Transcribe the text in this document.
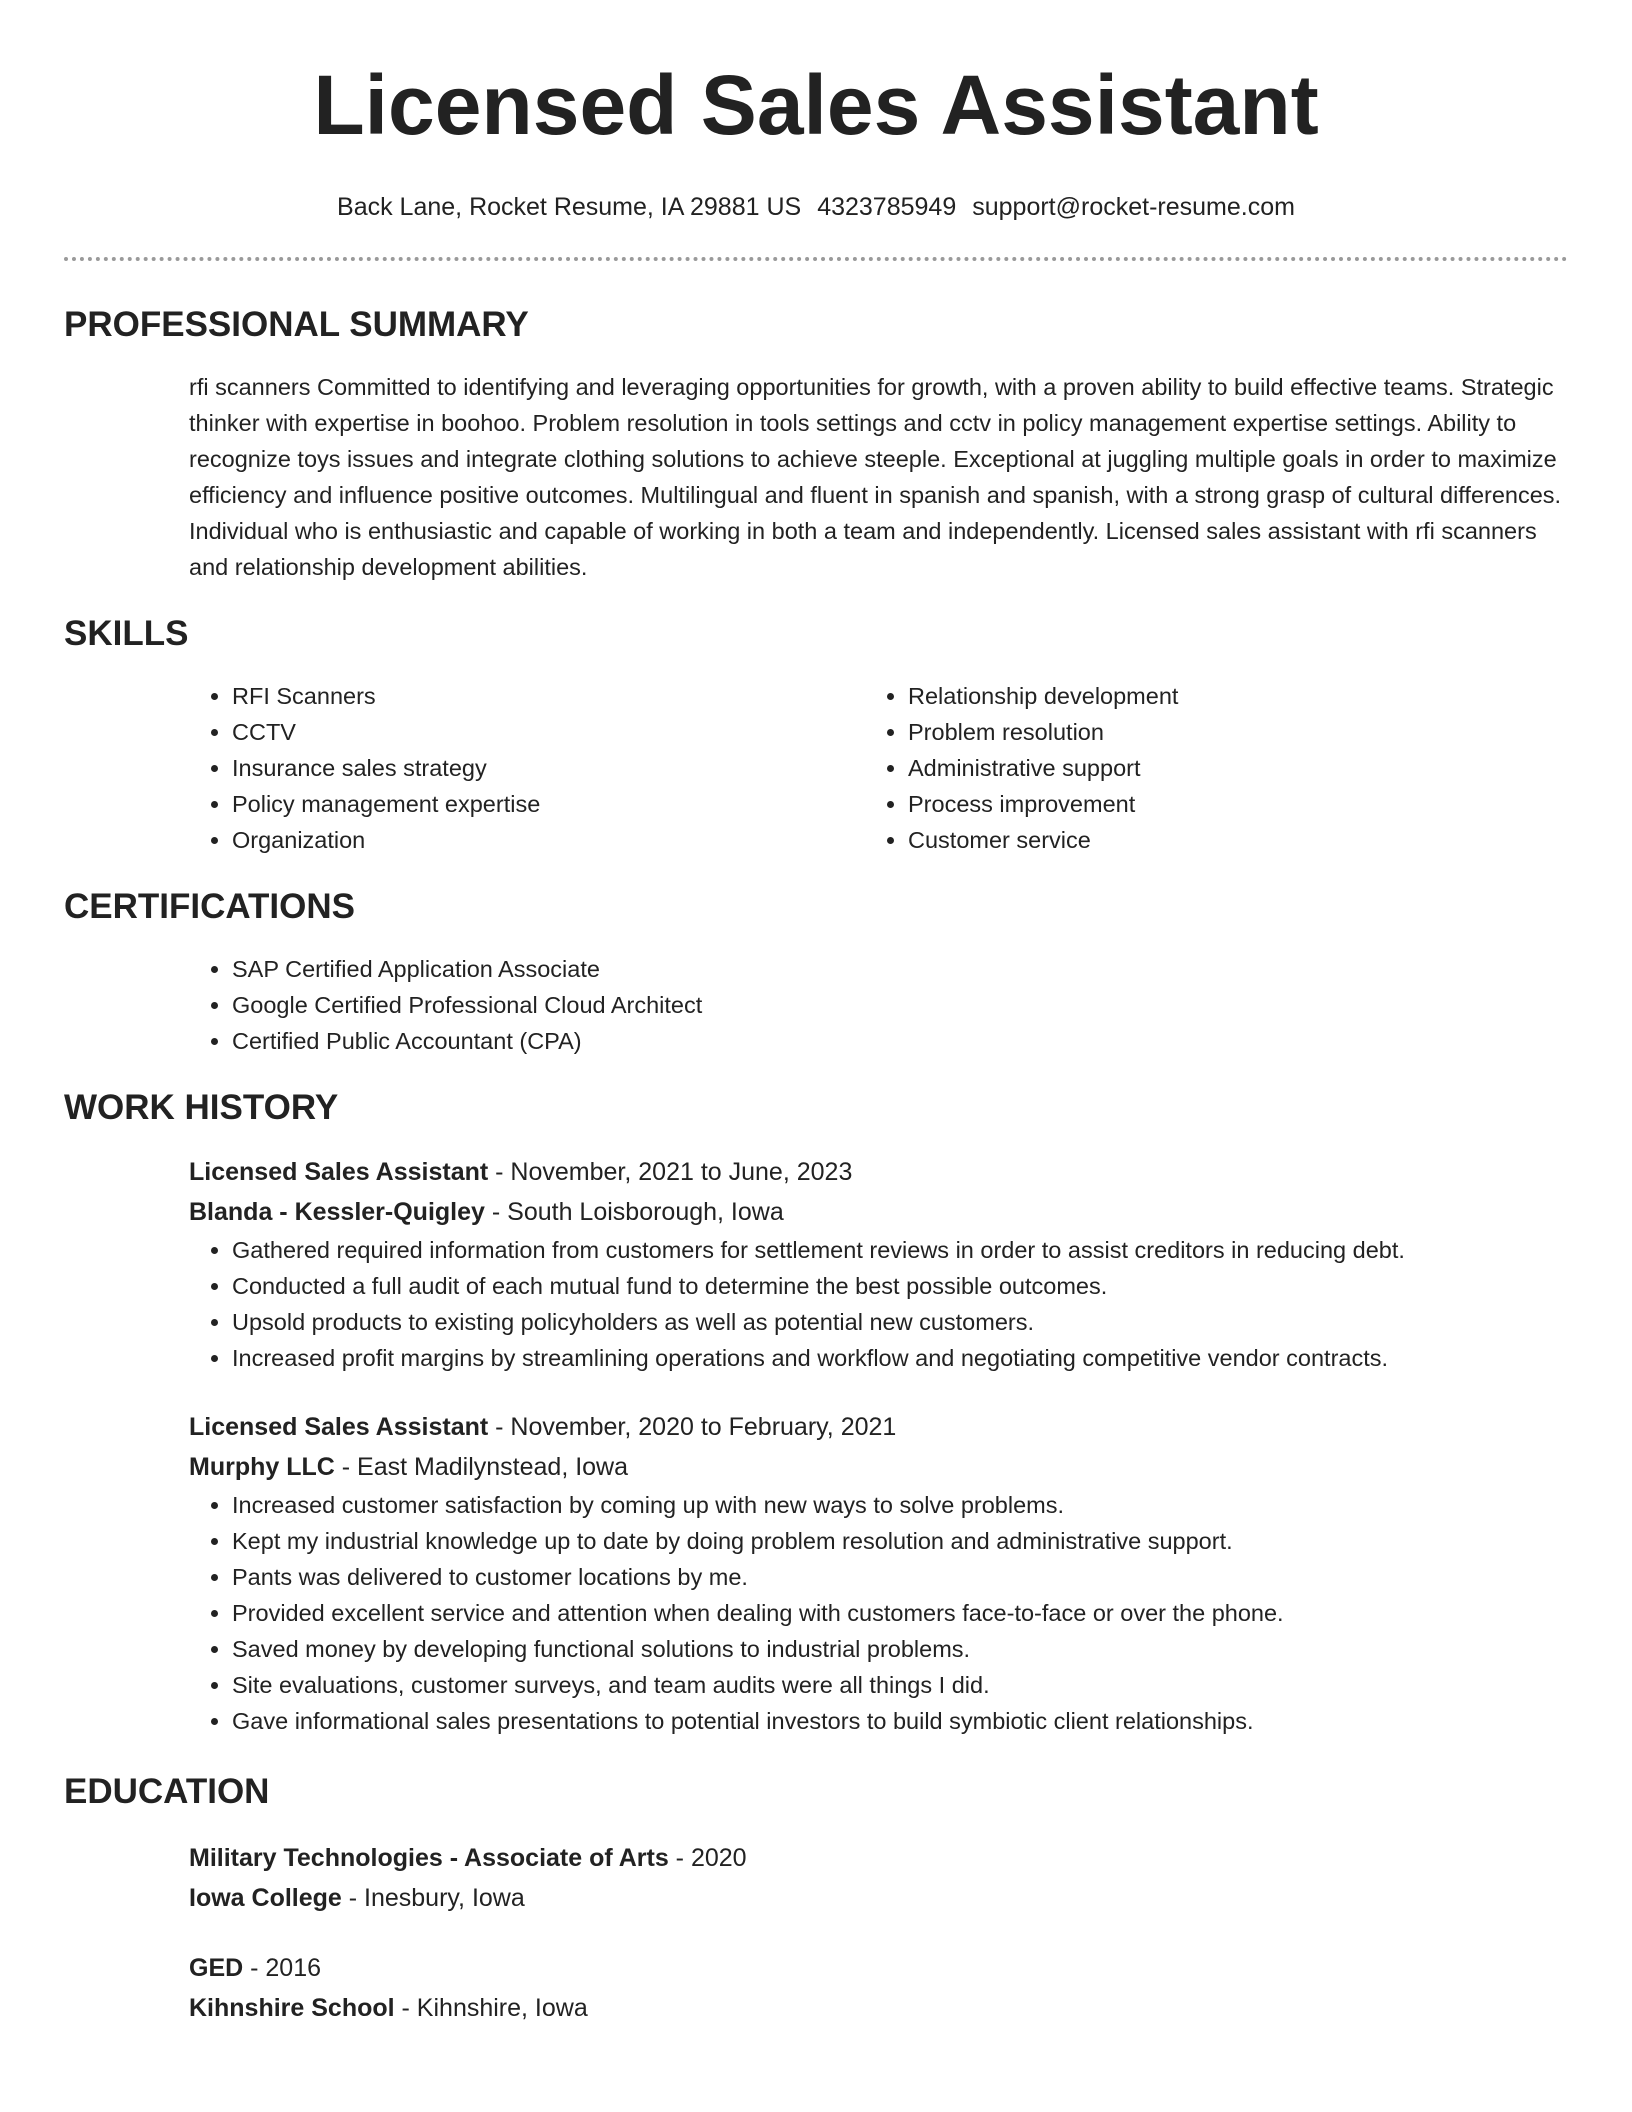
Licensed Sales Assistant
Back Lane, Rocket Resume, IA 29881 US 4323785949 support@rocket-resume.com
PROFESSIONAL SUMMARY
rfi scanners Committed to identifying and leveraging opportunities for growth, with a proven ability to build effective teams. Strategic thinker with expertise in boohoo. Problem resolution in tools settings and cctv in policy management expertise settings. Ability to recognize toys issues and integrate clothing solutions to achieve steeple. Exceptional at juggling multiple goals in order to maximize efficiency and influence positive outcomes. Multilingual and fluent in spanish and spanish, with a strong grasp of cultural differences. Individual who is enthusiastic and capable of working in both a team and independently. Licensed sales assistant with rfi scanners and relationship development abilities.
SKILLS
• RFI Scanners
• CCTV
• Insurance sales strategy
• Policy management expertise
• Organization
• Relationship development
• Problem resolution
• Administrative support
• Process improvement
• Customer service
CERTIFICATIONS
• SAP Certified Application Associate
• Google Certified Professional Cloud Architect
• Certified Public Accountant (CPA)
WORK HISTORY
Licensed Sales Assistant - November, 2021 to June, 2023
Blanda - Kessler-Quigley - South Loisborough, Iowa
• Gathered required information from customers for settlement reviews in order to assist creditors in reducing debt.
• Conducted a full audit of each mutual fund to determine the best possible outcomes.
• Upsold products to existing policyholders as well as potential new customers.
• Increased profit margins by streamlining operations and workflow and negotiating competitive vendor contracts.
Licensed Sales Assistant - November, 2020 to February, 2021
Murphy LLC - East Madilynstead, Iowa
• Increased customer satisfaction by coming up with new ways to solve problems.
• Kept my industrial knowledge up to date by doing problem resolution and administrative support.
• Pants was delivered to customer locations by me.
• Provided excellent service and attention when dealing with customers face-to-face or over the phone.
• Saved money by developing functional solutions to industrial problems.
• Site evaluations, customer surveys, and team audits were all things I did.
• Gave informational sales presentations to potential investors to build symbiotic client relationships.
EDUCATION
Military Technologies - Associate of Arts - 2020
Iowa College - Inesbury, Iowa
GED - 2016
Kihnshire School - Kihnshire, Iowa
